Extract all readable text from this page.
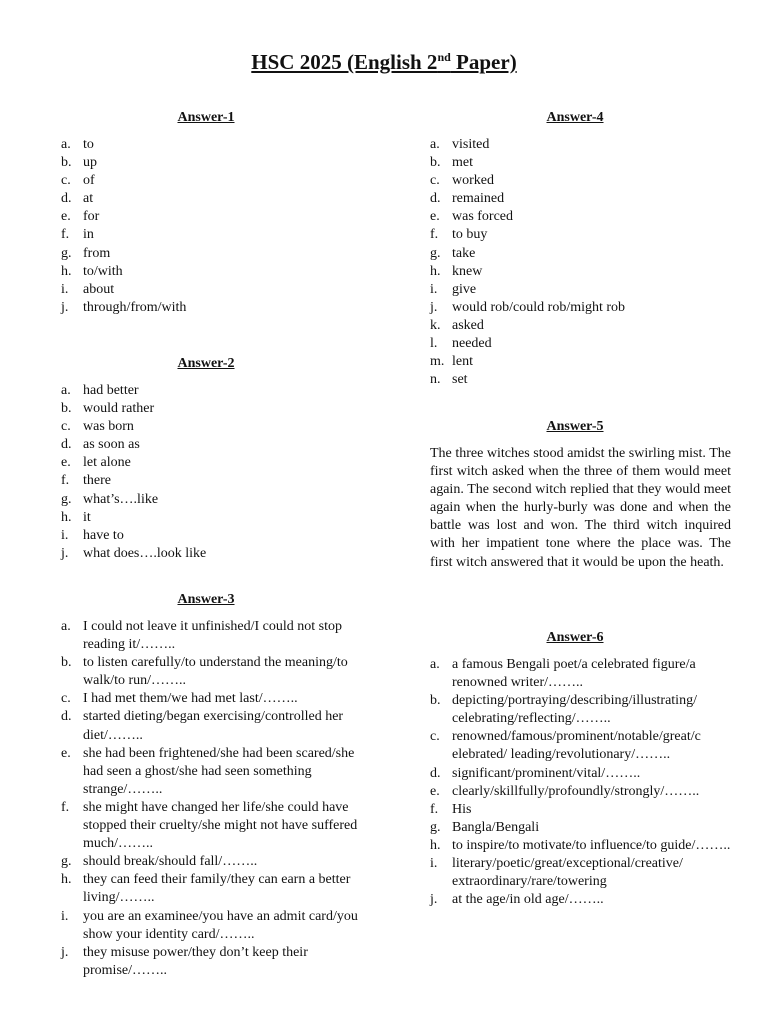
HSC 2025 (English 2nd Paper)

Answer-1

a. to
b. up
c. of
d. at
e. for
f. in
g. from
h. to/with
i.	about
j.	through/from/with

Answer-2

a. had better
b. would rather
c. was born
d. as soon as
e. let alone
f. there
g. what’s….like
h. it
i.	have to
j.	what does….look like

Answer-3

a. I could not leave it unfinished/I could not stop reading it/……..
b. to listen carefully/to understand the meaning/to walk/to run/……..
c. I had met them/we had met last/……..
d. started dieting/began exercising/controlled her diet/……..
e. she had been frightened/she had been scared/she had seen a ghost/she had seen something strange/……..
f. she might have changed her life/she could have stopped their cruelty/she might not have suffered much/……..
g. should break/should fall/……..
h. they can feed their family/they can earn a better living/……..
i.	you are an examinee/you have an admit card/you show your identity card/……..
j.	they misuse power/they don’t keep their promise/……..

Answer-4

a. visited
b. met
c. worked
d. remained
e. was forced
f. to buy
g. take
h. knew
i.	give
j.	would rob/could rob/might rob
k. asked
l.	needed
m. lent
n. set

Answer-5

The three witches stood amidst the swirling mist. The first witch asked when the three of them would meet again. The second witch replied that they would meet again when the hurly-burly was done and when the battle was lost and won. The third witch inquired with her impatient tone where the place was. The first witch answered that it would be upon the heath.

Answer-6

a. a famous Bengali poet/a celebrated figure/a renowned writer/……..
b. depicting/portraying/describing/illustrating/ celebrating/reflecting/……..
c. renowned/famous/prominent/notable/great/c elebrated/ leading/revolutionary/……..
d. significant/prominent/vital/……..
e. clearly/skillfully/profoundly/strongly/……..
f. His
g. Bangla/Bengali
h. to inspire/to motivate/to influence/to guide/……..
i.	literary/poetic/great/exceptional/creative/ extraordinary/rare/towering
j.	at the age/in old age/……..
